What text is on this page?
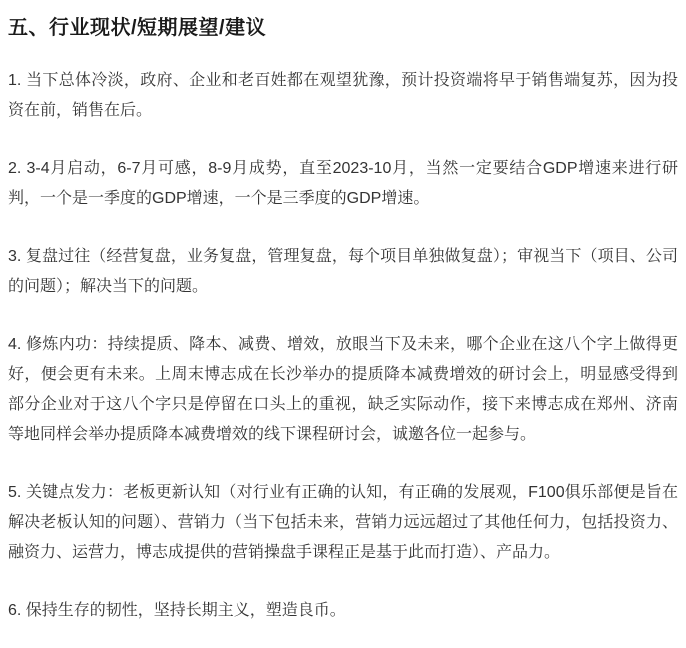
五、行业现状/短期展望/建议

1. 当下总体冷淡，政府、企业和老百姓都在观望犹豫，预计投资端将早于销售端复苏，因为投资在前，销售在后。

2. 3-4月启动，6-7月可感，8-9月成势，直至2023-10月，当然一定要结合GDP增速来进行研判，一个是一季度的GDP增速，一个是三季度的GDP增速。

3. 复盘过往（经营复盘，业务复盘，管理复盘，每个项目单独做复盘）；审视当下（项目、公司的问题）；解决当下的问题。

4. 修炼内功：持续提质、降本、减费、增效，放眼当下及未来，哪个企业在这八个字上做得更好，便会更有未来。上周末博志成在长沙举办的提质降本减费增效的研讨会上，明显感受得到部分企业对于这八个字只是停留在口头上的重视，缺乏实际动作，接下来博志成在郑州、济南等地同样会举办提质降本减费增效的线下课程研讨会，诚邀各位一起参与。

5. 关键点发力：老板更新认知（对行业有正确的认知，有正确的发展观，F100俱乐部便是旨在解决老板认知的问题）、营销力（当下包括未来，营销力远远超过了其他任何力，包括投资力、融资力、运营力，博志成提供的营销操盘手课程正是基于此而打造）、产品力。

6. 保持生存的韧性，坚持长期主义，塑造良币。
